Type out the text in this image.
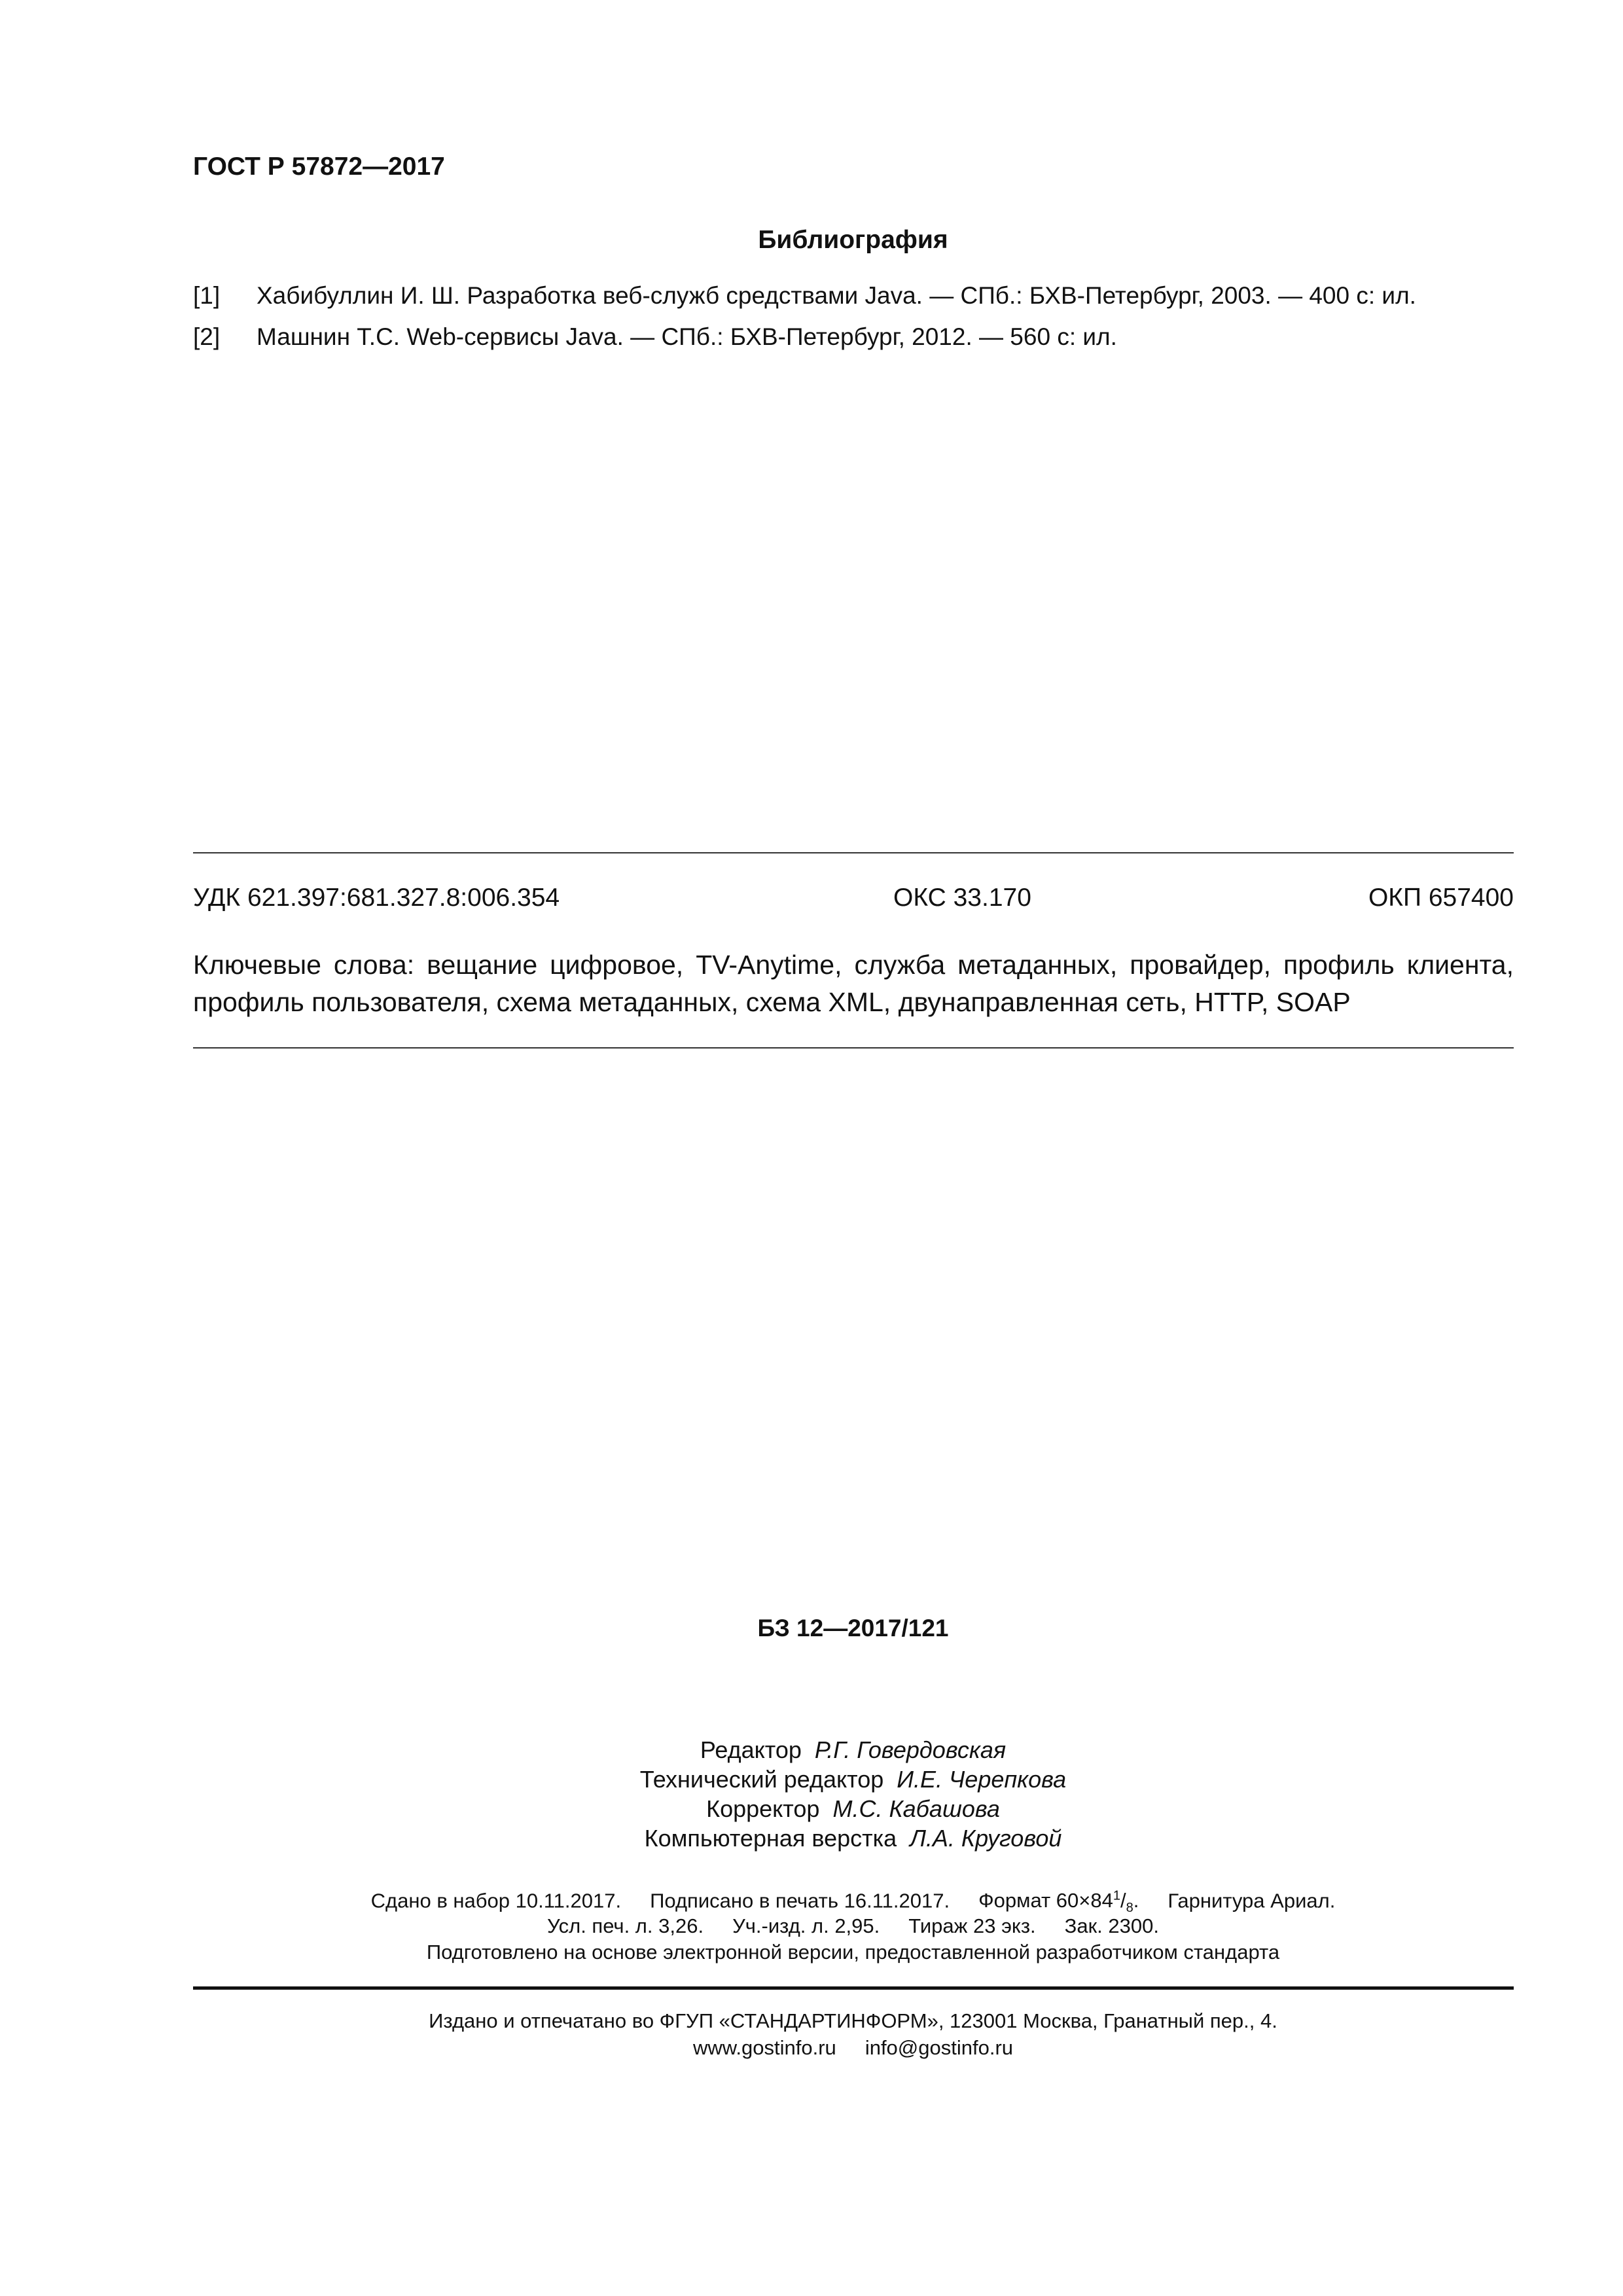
ГОСТ Р 57872—2017
Библиография
[1] Хабибуллин И. Ш. Разработка веб-служб средствами Java. — СПб.: БХВ-Петербург, 2003. — 400 с: ил.
[2] Машнин Т.С. Web-сервисы Java. — СПб.: БХВ-Петербург, 2012. — 560 с: ил.
УДК 621.397:681.327.8:006.354	ОКС 33.170	ОКП 657400
Ключевые слова: вещание цифровое, TV-Anytime, служба метаданных, провайдер, профиль клиента, профиль пользователя, схема метаданных, схема XML, двунаправленная сеть, HTTP, SOAP
БЗ 12—2017/121
Редактор Р.Г. Говердовская
Технический редактор И.Е. Черепкова
Корректор М.С. Кабашова
Компьютерная верстка Л.А. Круговой
Сдано в набор 10.11.2017. Подписано в печать 16.11.2017. Формат $60\times 84^1/_8$. Гарнитура Ариал.
Усл. печ. л. 3,26. Уч.-изд. л. 2,95. Тираж 23 экз. Зак. 2300.
Подготовлено на основе электронной версии, предоставленной разработчиком стандарта
Издано и отпечатано во ФГУП «СТАНДАРТИНФОРМ», 123001 Москва, Гранатный пер., 4.
www.gostinfo.ru info@gostinfo.ru
